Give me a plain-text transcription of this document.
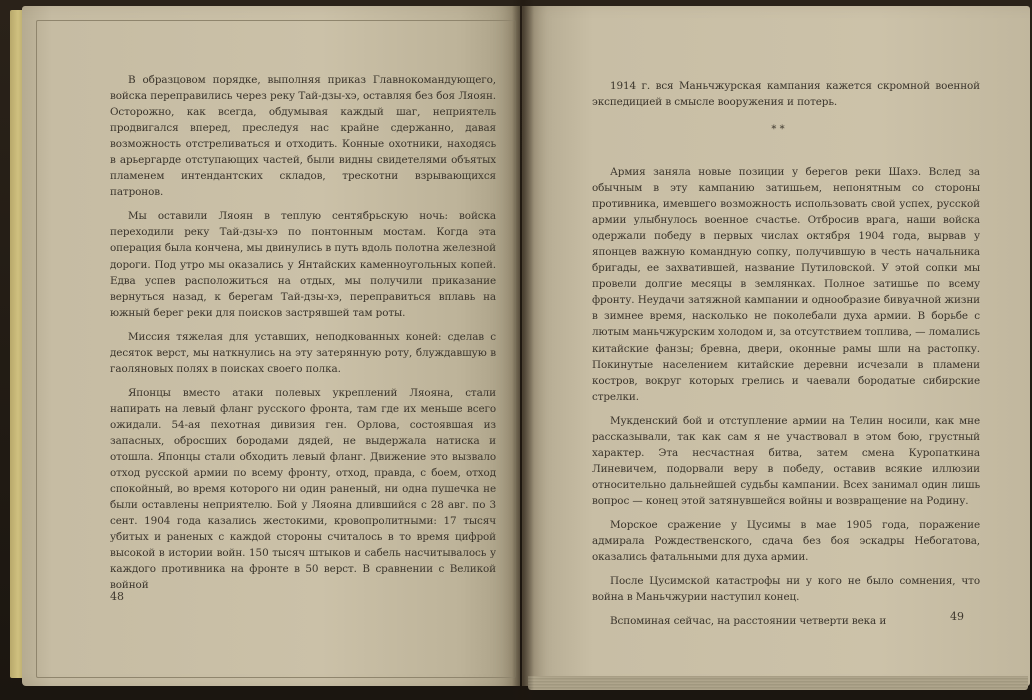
В образцовом порядке, выполняя приказ Главнокомандующего, войска переправились через реку Тай-дзы-хэ, оставляя без боя Ляоян. Осторожно, как всегда, обдумывая каждый шаг, неприятель продвигался вперед, преследуя нас крайне сдержанно, давая возможность отстреливаться и отходить. Конные охотники, находясь в арьергарде отступающих частей, были видны свидетелями объятых пламенем интендантских складов, трескотни взрывающихся патронов.

Мы оставили Ляоян в теплую сентябрьскую ночь: войска переходили реку Тай-дзы-хэ по понтонным мостам. Когда эта операция была кончена, мы двинулись в путь вдоль полотна железной дороги. Под утро мы оказались у Янтайских каменноугольных копей. Едва успев расположиться на отдых, мы получили приказание вернуться назад, к берегам Тай-дзы-хэ, переправиться вплавь на южный берег реки для поисков застрявшей там роты.

Миссия тяжелая для уставших, неподкованных коней: сделав с десяток верст, мы наткнулись на эту затерянную роту, блуждавшую в гаоляновых полях в поисках своего полка.

Японцы вместо атаки полевых укреплений Ляояна, стали напирать на левый фланг русского фронта, там где их меньше всего ожидали. 54-ая пехотная дивизия ген. Орлова, состоявшая из запасных, обросших бородами дядей, не выдержала натиска и отошла. Японцы стали обходить левый фланг. Движение это вызвало отход русской армии по всему фронту, отход, правда, с боем, отход спокойный, во время которого ни один раненый, ни одна пушечка не были оставлены неприятелю. Бой у Ляояна длившийся с 28 авг. по 3 сент. 1904 года казались жестокими, кровопролитными: 17 тысяч убитых и раненых с каждой стороны считалось в то время цифрой высокой в истории войн. 150 тысяч штыков и сабель насчитывалось у каждого противника на фронте в 50 верст. В сравнении с Великой войной

48

1914 г. вся Маньчжурская кампания кажется скромной военной экспедицией в смысле вооружения и потерь.

* *

Армия заняла новые позиции у берегов реки Шахэ. Вслед за обычным в эту кампанию затишьем, непонятным со стороны противника, имевшего возможность использовать свой успех, русской армии улыбнулось военное счастье. Отбросив врага, наши войска одержали победу в первых числах октября 1904 года, вырвав у японцев важную командную сопку, получившую в честь начальника бригады, ее захватившей, название Путиловской. У этой сопки мы провели долгие месяцы в землянках. Полное затишье по всему фронту. Неудачи затяжной кампании и однообразие бивуачной жизни в зимнее время, насколько не поколебали духа армии. В борьбе с лютым маньчжурским холодом и, за отсутствием топлива, — ломались китайские фанзы; бревна, двери, оконные рамы шли на растопку. Покинутые населением китайские деревни исчезали в пламени костров, вокруг которых грелись и чаевали бородатые сибирские стрелки.

Мукденский бой и отступление армии на Телин носили, как мне рассказывали, так как сам я не участвовал в этом бою, грустный характер. Эта несчастная битва, затем смена Куропаткина Линевичем, подорвали веру в победу, оставив всякие иллюзии относительно дальнейшей судьбы кампании. Всех занимал один лишь вопрос — конец этой затянувшейся войны и возвращение на Родину.

Морское сражение у Цусимы в мае 1905 года, поражение адмирала Рождественского, сдача без боя эскадры Небогатова, оказались фатальными для духа армии.

После Цусимской катастрофы ни у кого не было сомнения, что война в Маньчжурии наступил конец.

Вспоминая сейчас, на расстоянии четверти века и	49
